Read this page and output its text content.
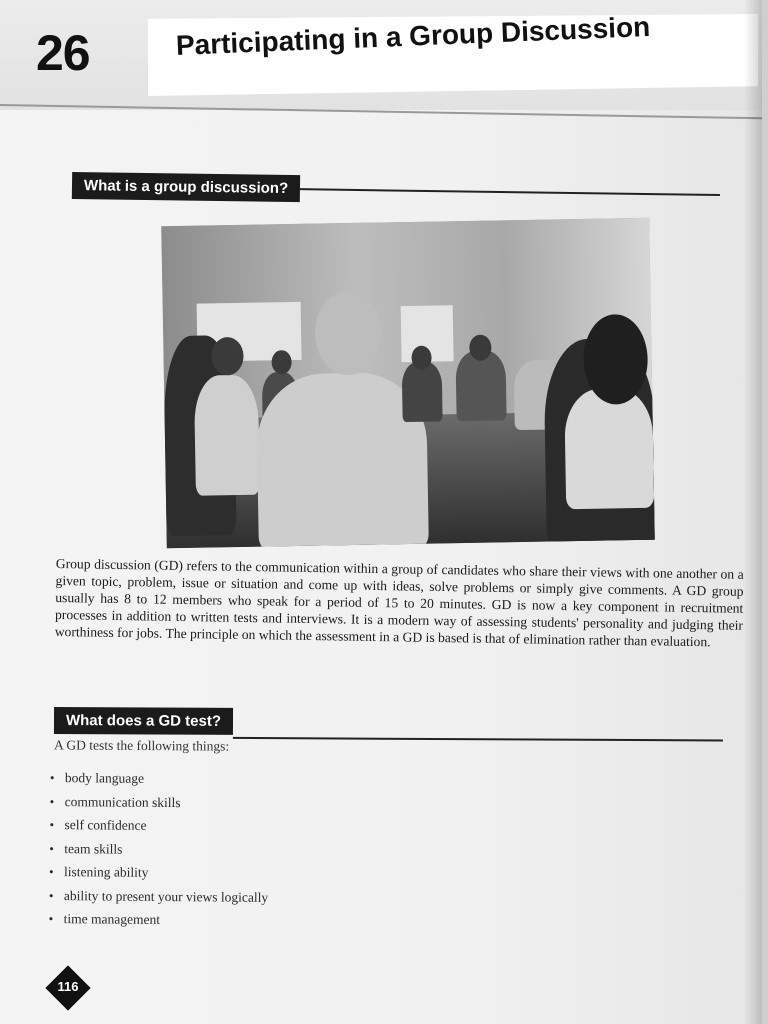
26	Participating in a Group Discussion
What is a group discussion?
Group discussion (GD) refers to the communication within a group of candidates who share their views with one another on a given topic, problem, issue or situation and come up with ideas, solve problems or simply give comments. A GD group usually has 8 to 12 members who speak for a period of 15 to 20 minutes. GD is now a key component in recruitment processes in addition to written tests and interviews. It is a modern way of assessing students' personality and judging their worthiness for jobs. The principle on which the assessment in a GD is based is that of elimination rather than evaluation.
What does a GD test?
A GD tests the following things:
• body language
• communication skills
• self confidence
• team skills
• listening ability
• ability to present your views logically
• time management
116
